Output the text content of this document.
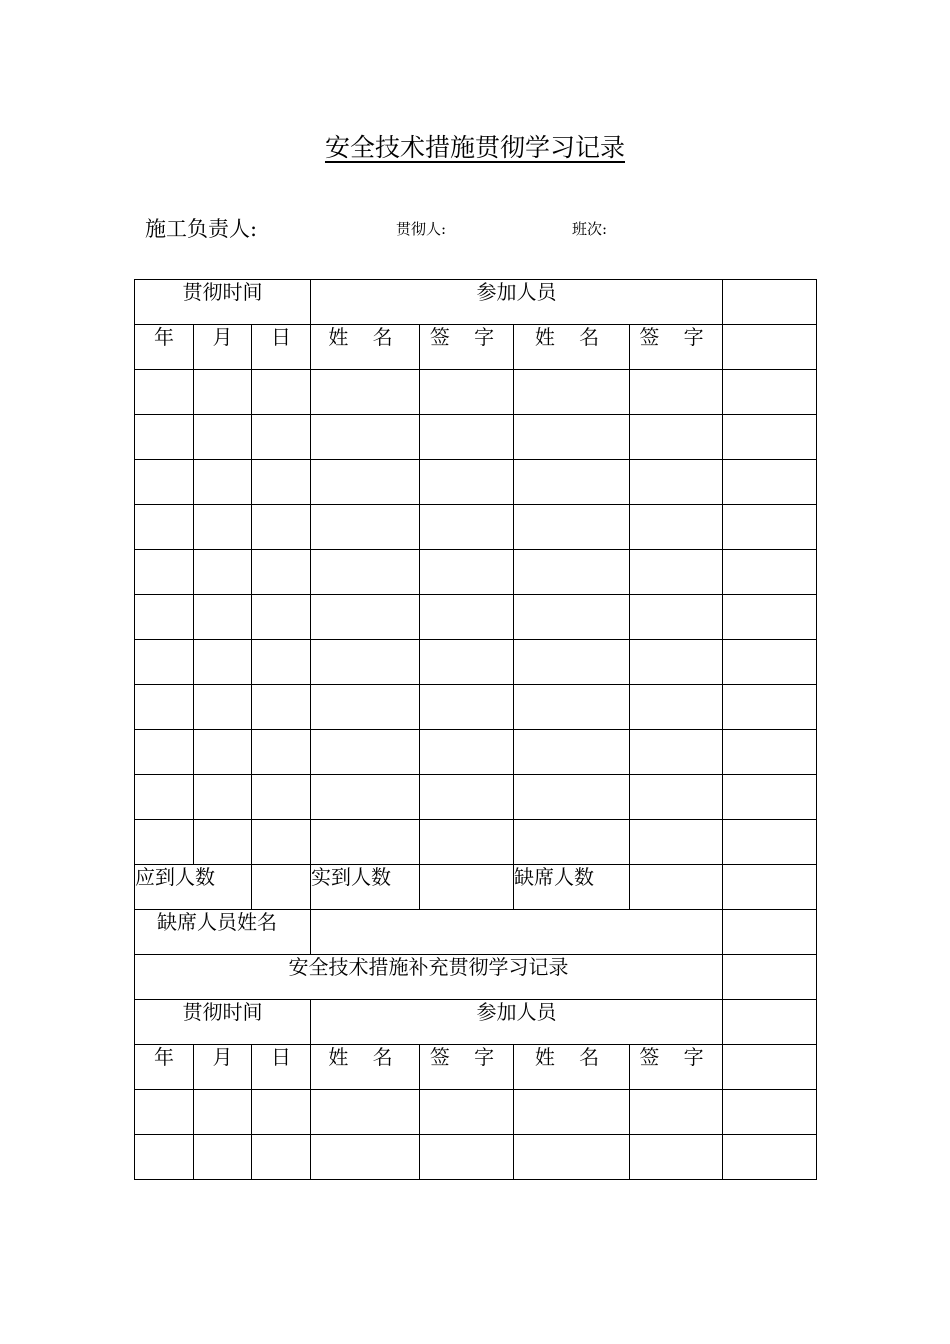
安全技术措施贯彻学习记录
施工负责人:	贯彻人:	班次:
贯彻时间			参加人员				
年	月	日	姓 名	签 字	姓 名	签 字	

应到人数			实到人数		缺席人数		
缺席人员姓名							
安全技术措施补充贯彻学习记录							
贯彻时间			参加人员				
年	月	日	姓 名	签 字	姓 名	签 字	
